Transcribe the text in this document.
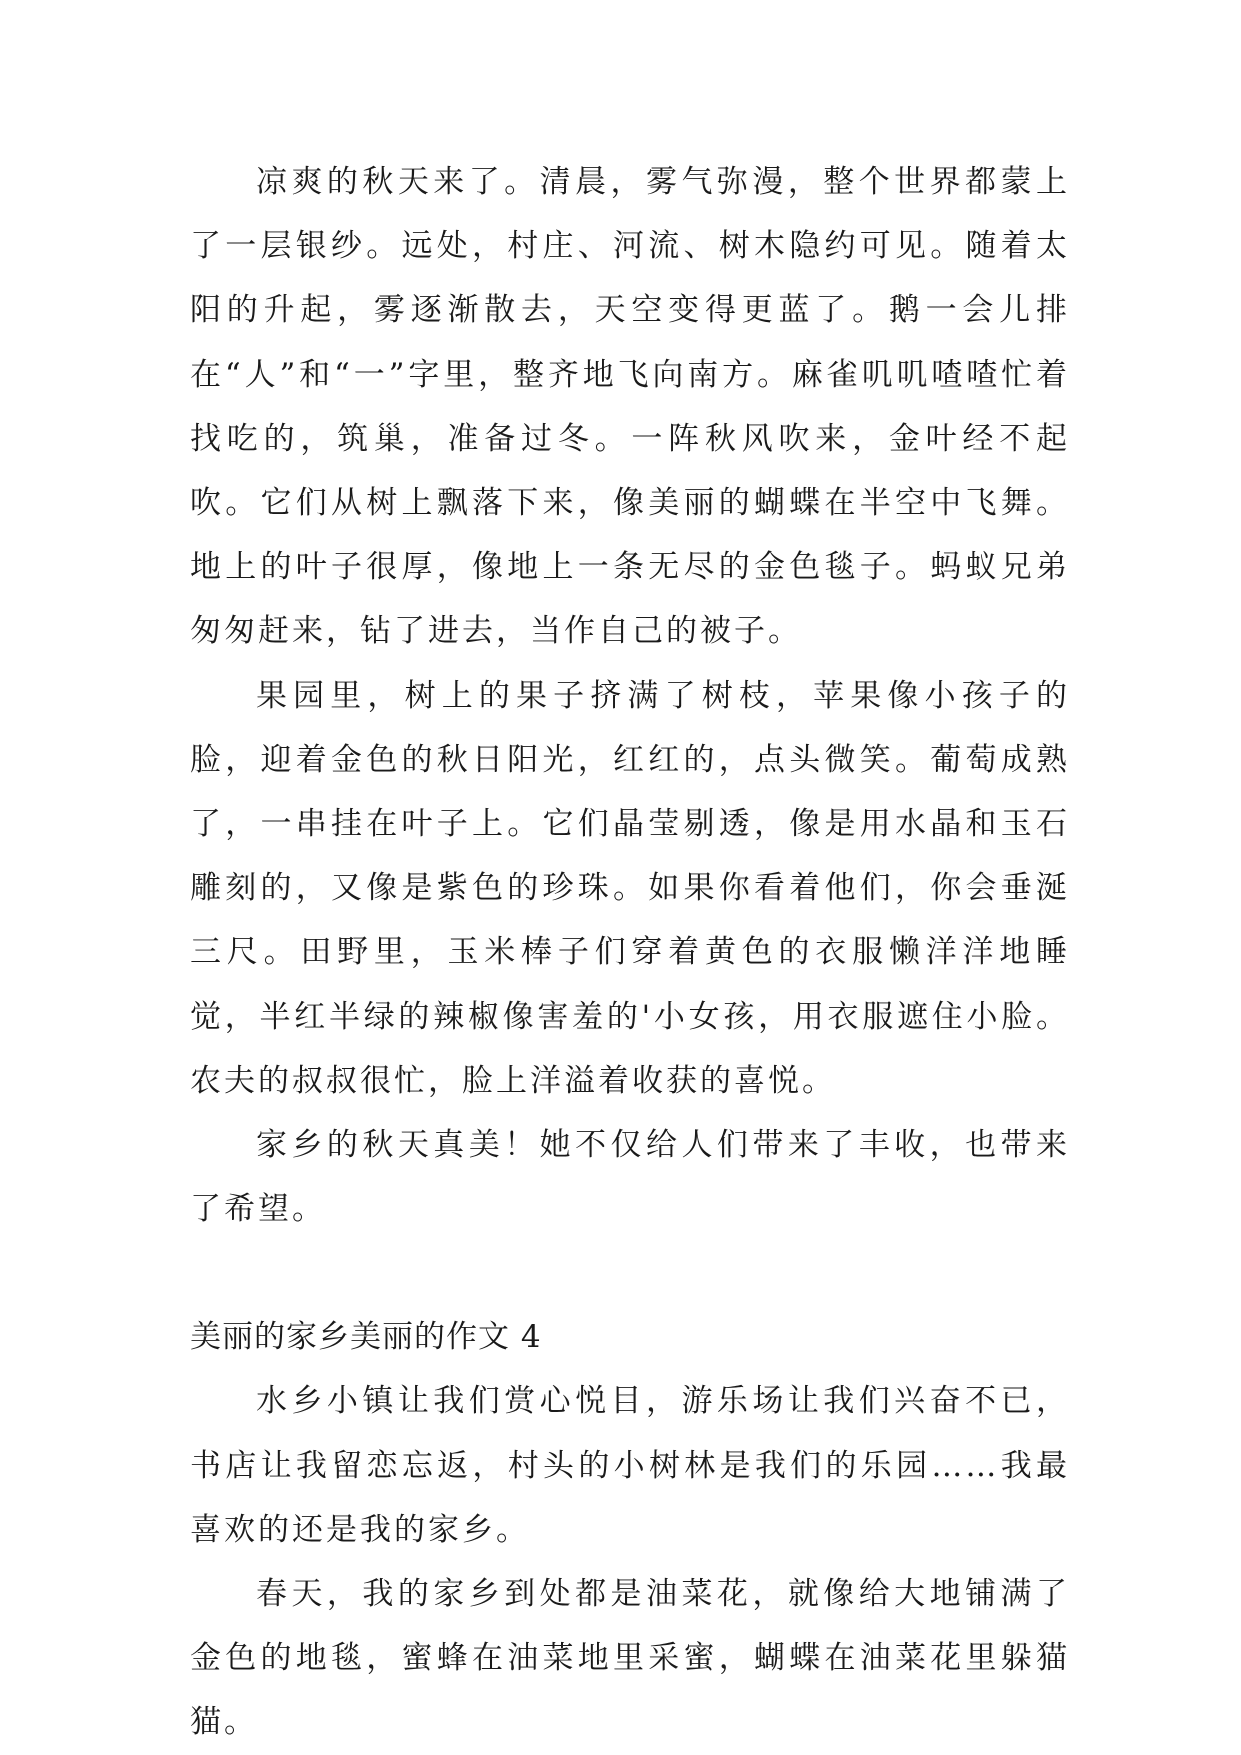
凉爽的秋天来了。清晨，雾气弥漫，整个世界都蒙上了一层银纱。远处，村庄、河流、树木隐约可见。随着太阳的升起，雾逐渐散去，天空变得更蓝了。鹅一会儿排在“人”和“一”字里，整齐地飞向南方。麻雀叽叽喳喳忙着找吃的，筑巢，准备过冬。一阵秋风吹来，金叶经不起吹。它们从树上飘落下来，像美丽的蝴蝶在半空中飞舞。地上的叶子很厚，像地上一条无尽的金色毯子。蚂蚁兄弟匆匆赶来，钻了进去，当作自己的被子。

果园里，树上的果子挤满了树枝，苹果像小孩子的脸，迎着金色的秋日阳光，红红的，点头微笑。葡萄成熟了，一串挂在叶子上。它们晶莹剔透，像是用水晶和玉石雕刻的，又像是紫色的珍珠。如果你看着他们，你会垂涎三尺。田野里，玉米棒子们穿着黄色的衣服懒洋洋地睡觉，半红半绿的辣椒像害羞的'小女孩，用衣服遮住小脸。农夫的叔叔很忙，脸上洋溢着收获的喜悦。

家乡的秋天真美！她不仅给人们带来了丰收，也带来了希望。

美丽的家乡美丽的作文 4

水乡小镇让我们赏心悦目，游乐场让我们兴奋不已，书店让我留恋忘返，村头的小树林是我们的乐园……我最喜欢的还是我的家乡。

春天，我的家乡到处都是油菜花，就像给大地铺满了金色的地毯，蜜蜂在油菜地里采蜜，蝴蝶在油菜花里躲猫猫。
